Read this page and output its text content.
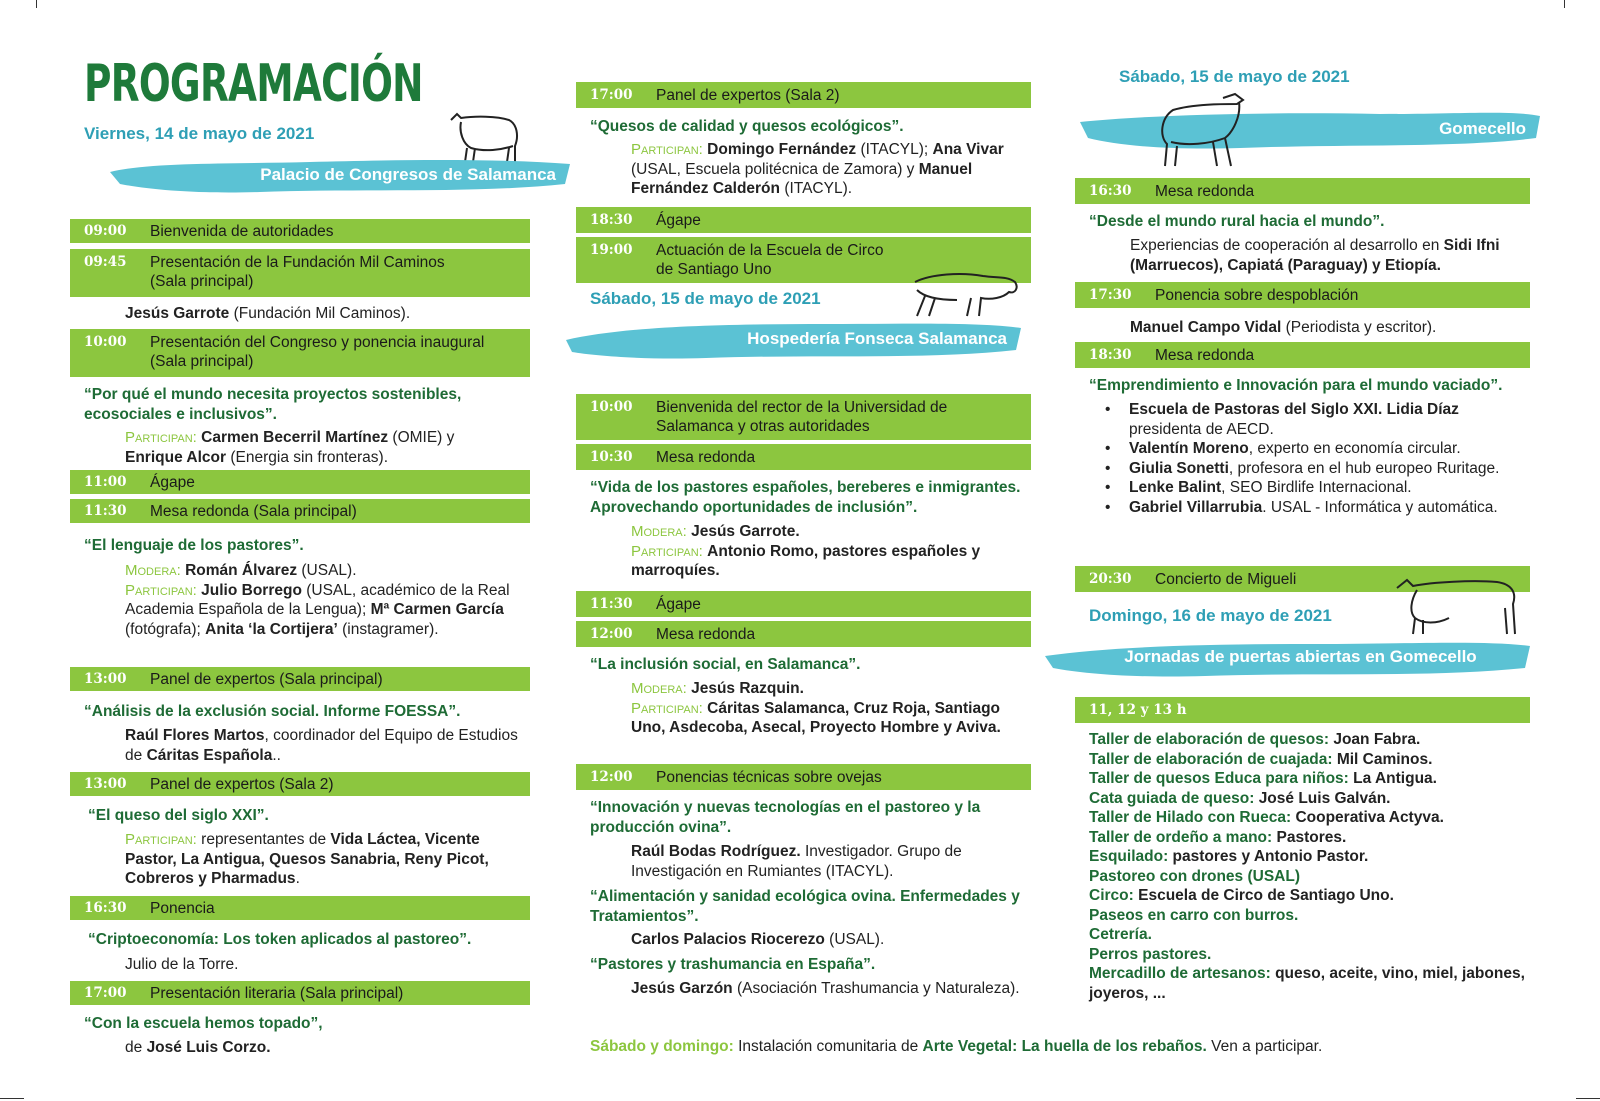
PROGRAMACIÓN
Viernes, 14 de mayo de 2021
Palacio de Congresos de Salamanca
09:00	Bienvenida de autoridades
09:45	Presentación de la Fundación Mil Caminos
(Sala principal)
Jesús Garrote (Fundación Mil Caminos).
10:00	Presentación del Congreso y ponencia inaugural  (Sala principal)
“Por qué el mundo necesita proyectos sostenibles, ecosociales e inclusivos”.
Participan: Carmen Becerril Martínez (OMIE) y
Enrique Alcor (Energia sin fronteras).
11:00	Ágape
11:30	Mesa redonda (Sala principal)
“El lenguaje de los pastores”.
Modera: Román Álvarez (USAL).
Participan: Julio Borrego (USAL, académico de la Real Academia Española de la Lengua); Mª Carmen García (fotógrafa); Anita ‘la Cortijera’ (instagramer).
13:00	Panel de expertos (Sala principal)
“Análisis de la exclusión social. Informe FOESSA”.
Raúl Flores Martos, coordinador del Equipo de Estudios de Cáritas Española..
13:00	Panel de expertos (Sala 2)
“El queso del siglo XXI”.
Participan: representantes de Vida Láctea, Vicente Pastor, La Antigua, Quesos Sanabria, Reny Picot, Cobreros y Pharmadus.
16:30	Ponencia
“Criptoeconomía: Los token aplicados al pastoreo”.
Julio de la Torre.
17:00	Presentación literaria (Sala principal)
“Con la escuela hemos topado”,
de José Luis Corzo.
17:00	Panel de expertos (Sala 2)
“Quesos de calidad y quesos ecológicos”.
Participan: Domingo Fernández (ITACYL); Ana Vivar (USAL, Escuela politécnica de Zamora) y Manuel Fernández Calderón (ITACYL).
18:30	Ágape
19:00	Actuación de la Escuela de Circo de Santiago Uno
Sábado, 15 de mayo de 2021
Hospedería Fonseca Salamanca
10:00	Bienvenida del rector de la Universidad de Salamanca y otras autoridades
10:30	Mesa redonda
“Vida de los pastores españoles, bereberes e inmigrantes. Aprovechando oportunidades de inclusión”.
Modera: Jesús Garrote.
Participan: Antonio Romo, pastores españoles y marroquíes.
11:30	Ágape
12:00	Mesa redonda
“La inclusión social, en Salamanca”.
Modera: Jesús Razquin.
Participan: Cáritas Salamanca, Cruz Roja, Santiago Uno, Asdecoba, Asecal, Proyecto Hombre y Aviva.
12:00	Ponencias técnicas sobre ovejas
“Innovación y nuevas tecnologías en el pastoreo y la producción ovina”.
Raúl Bodas Rodríguez. Investigador. Grupo de Investigación en Rumiantes (ITACYL).
“Alimentación y sanidad ecológica ovina. Enfermedades y Tratamientos”.
Carlos Palacios Riocerezo (USAL).
“Pastores y trashumancia en España”.
Jesús Garzón (Asociación Trashumancia y Naturaleza).
Sábado, 15 de mayo de 2021
Gomecello
16:30	Mesa redonda
“Desde el mundo rural hacia el mundo”.
Experiencias de cooperación al desarrollo en Sidi Ifni (Marruecos), Capiatá (Paraguay) y Etiopía.
17:30	Ponencia sobre despoblación
Manuel Campo Vidal (Periodista y escritor).
18:30	Mesa redonda
“Emprendimiento e Innovación para el mundo vaciado”.
• Escuela de Pastoras del Siglo XXI. Lidia Díaz presidenta de AECD.
• Valentín Moreno, experto en economía circular.
• Giulia Sonetti, profesora en el hub europeo Ruritage.
• Lenke Balint, SEO Birdlife Internacional.
• Gabriel Villarrubia. USAL - Informática y automática.
20:30	Concierto de Migueli
Domingo, 16 de mayo de 2021
Jornadas de puertas abiertas en Gomecello
11, 12 y 13 h
Taller de elaboración de quesos: Joan Fabra.
Taller de elaboración de cuajada: Mil Caminos.
Taller de quesos Educa para niños: La Antigua.
Cata guiada de queso: José Luis Galván.
Taller de Hilado con Rueca: Cooperativa Actyva.
Taller de ordeño a mano: Pastores.
Esquilado: pastores y Antonio Pastor.
Pastoreo con drones (USAL)
Circo: Escuela de Circo de Santiago Uno.
Paseos en carro con burros.
Cetrería.
Perros pastores.
Mercadillo de artesanos: queso, aceite, vino, miel, jabones, joyeros, ...
Sábado y domingo: Instalación comunitaria de Arte Vegetal: La huella de los rebaños. Ven a participar.
